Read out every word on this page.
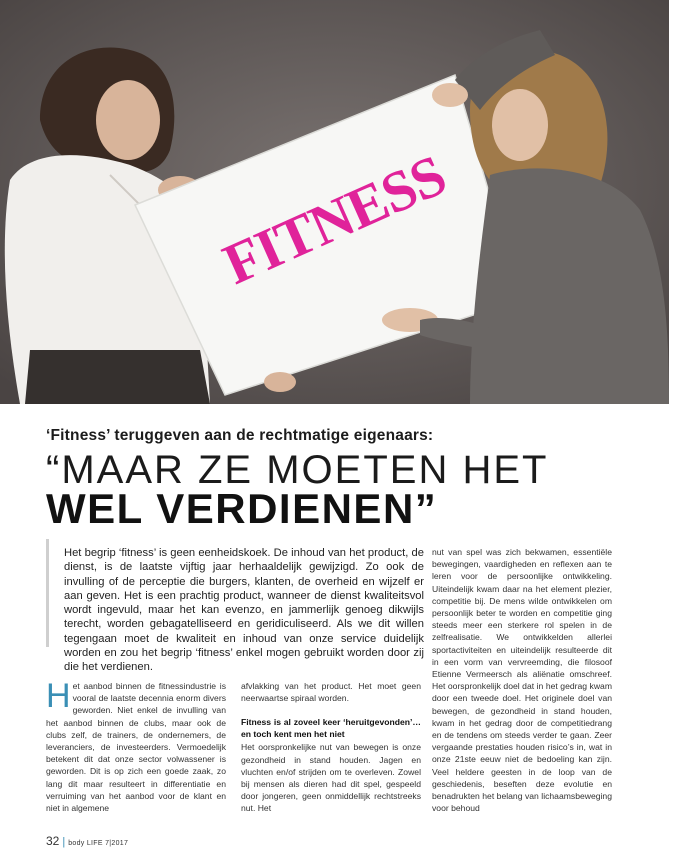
FITNESS
‘Fitness’ teruggeven aan de rechtmatige eigenaars:
“MAAR ZE MOETEN HET
WEL VERDIENEN”
Het begrip ‘fitness’ is geen eenheidskoek. De inhoud van het product, de dienst, is de laatste vijftig jaar herhaaldelijk gewijzigd. Zo ook de invulling of de perceptie die burgers, klanten, de overheid en wijzelf er aan geven. Het is een prachtig product, wanneer de dienst kwaliteitsvol wordt ingevuld, maar het kan evenzo, en jammerlijk genoeg dikwijls terecht, worden gebagatelliseerd en geridiculiseerd. Als we dit willen tegengaan moet de kwaliteit en inhoud van onze service duidelijk worden en zou het begrip ‘fitness’ enkel mogen gebruikt worden door zij die het verdienen.
Het aanbod binnen de fitnessindustrie is vooral de laatste decennia enorm divers geworden. Niet enkel de invulling van het aanbod binnen de clubs, maar ook de clubs zelf, de trainers, de ondernemers, de leveranciers, de investeerders. Vermoedelijk betekent dit dat onze sector volwassener is geworden. Dit is op zich een goede zaak, zo lang dit maar resulteert in differentiatie en verruiming van het aanbod voor de klant en niet in algemene

afvlakking van het product. Het moet geen neerwaartse spiraal worden.

Fitness is al zoveel keer ‘heruitgevonden’… en toch kent men het niet

Het oorspronkelijke nut van bewegen is onze gezondheid in stand houden. Jagen en vluchten en/of strijden om te overleven. Zowel bij mensen als dieren had dit spel, gespeeld door jongeren, geen onmiddellijk rechtstreeks nut. Het

nut van spel was zich bekwamen, essentiële bewegingen, vaardigheden en reflexen aan te leren voor de persoonlijke ontwikkeling. Uiteindelijk kwam daar na het element plezier, competitie bij. De mens wilde ontwikkelen om persoonlijk beter te worden en competitie ging steeds meer een sterkere rol spelen in de zelfrealisatie. We ontwikkelden allerlei sportactiviteiten en uiteindelijk resulteerde dit in een vorm van vervreemding, die filosoof Etienne Vermeersch als aliënatie omschreef. Het oorspronkelijk doel dat in het gedrag kwam door een tweede doel. Het originele doel van bewegen, de gezondheid in stand houden, kwam in het gedrag door de competitiedrang en de tendens om steeds verder te gaan. Zeer vergaande prestaties houden risico’s in, wat in onze 21ste eeuw niet de bedoeling kan zijn. Veel heldere geesten in de loop van de geschiedenis, beseften deze evolutie en benadrukten het belang van lichaamsbeweging voor behoud
32 | body LIFE 7|2017
